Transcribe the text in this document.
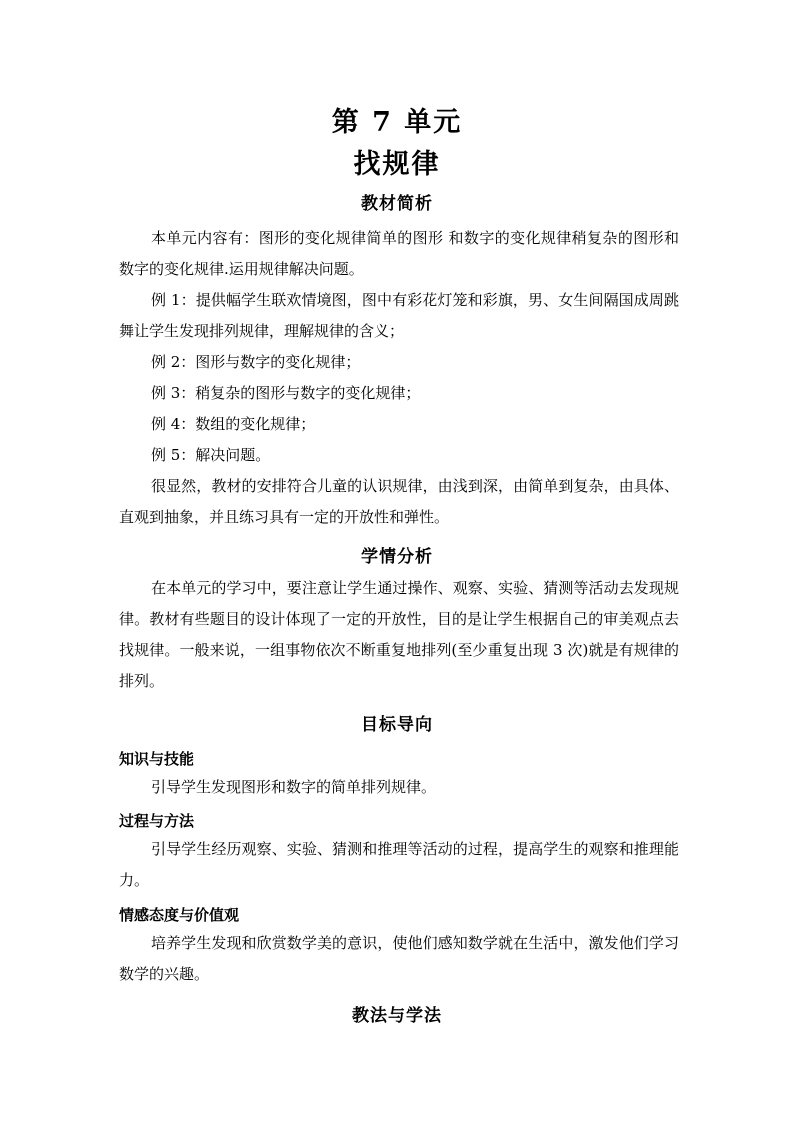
第 7 单元
找规律
教材简析

本单元内容有：图形的变化规律简单的图形 和数字的变化规律稍复杂的图形和数字的变化规律.运用规律解决问题。

例 1：提供幅学生联欢情境图，图中有彩花灯笼和彩旗，男、女生间隔国成周跳舞让学生发现排列规律，理解规律的含义；

例 2：图形与数字的变化规律；

例 3：稍复杂的图形与数字的变化规律；

例 4：数组的变化规律；

例 5：解决问题。

很显然，教材的安排符合儿童的认识规律，由浅到深，由简单到复杂，由具体、直观到抽象，并且练习具有一定的开放性和弹性。

学情分析

在本单元的学习中，要注意让学生通过操作、观察、实验、猜测等活动去发现规律。教材有些题目的设计体现了一定的开放性，目的是让学生根据自己的审美观点去找规律。一般来说，一组事物依次不断重复地排列(至少重复出现 3 次)就是有规律的排列。

目标导向
知识与技能

引导学生发现图形和数字的简单排列规律。

过程与方法

引导学生经历观察、实验、猜测和推理等活动的过程，提高学生的观察和推理能力。

情感态度与价值观

培养学生发现和欣赏数学美的意识，使他们感知数学就在生活中，激发他们学习数学的兴趣。

教法与学法
